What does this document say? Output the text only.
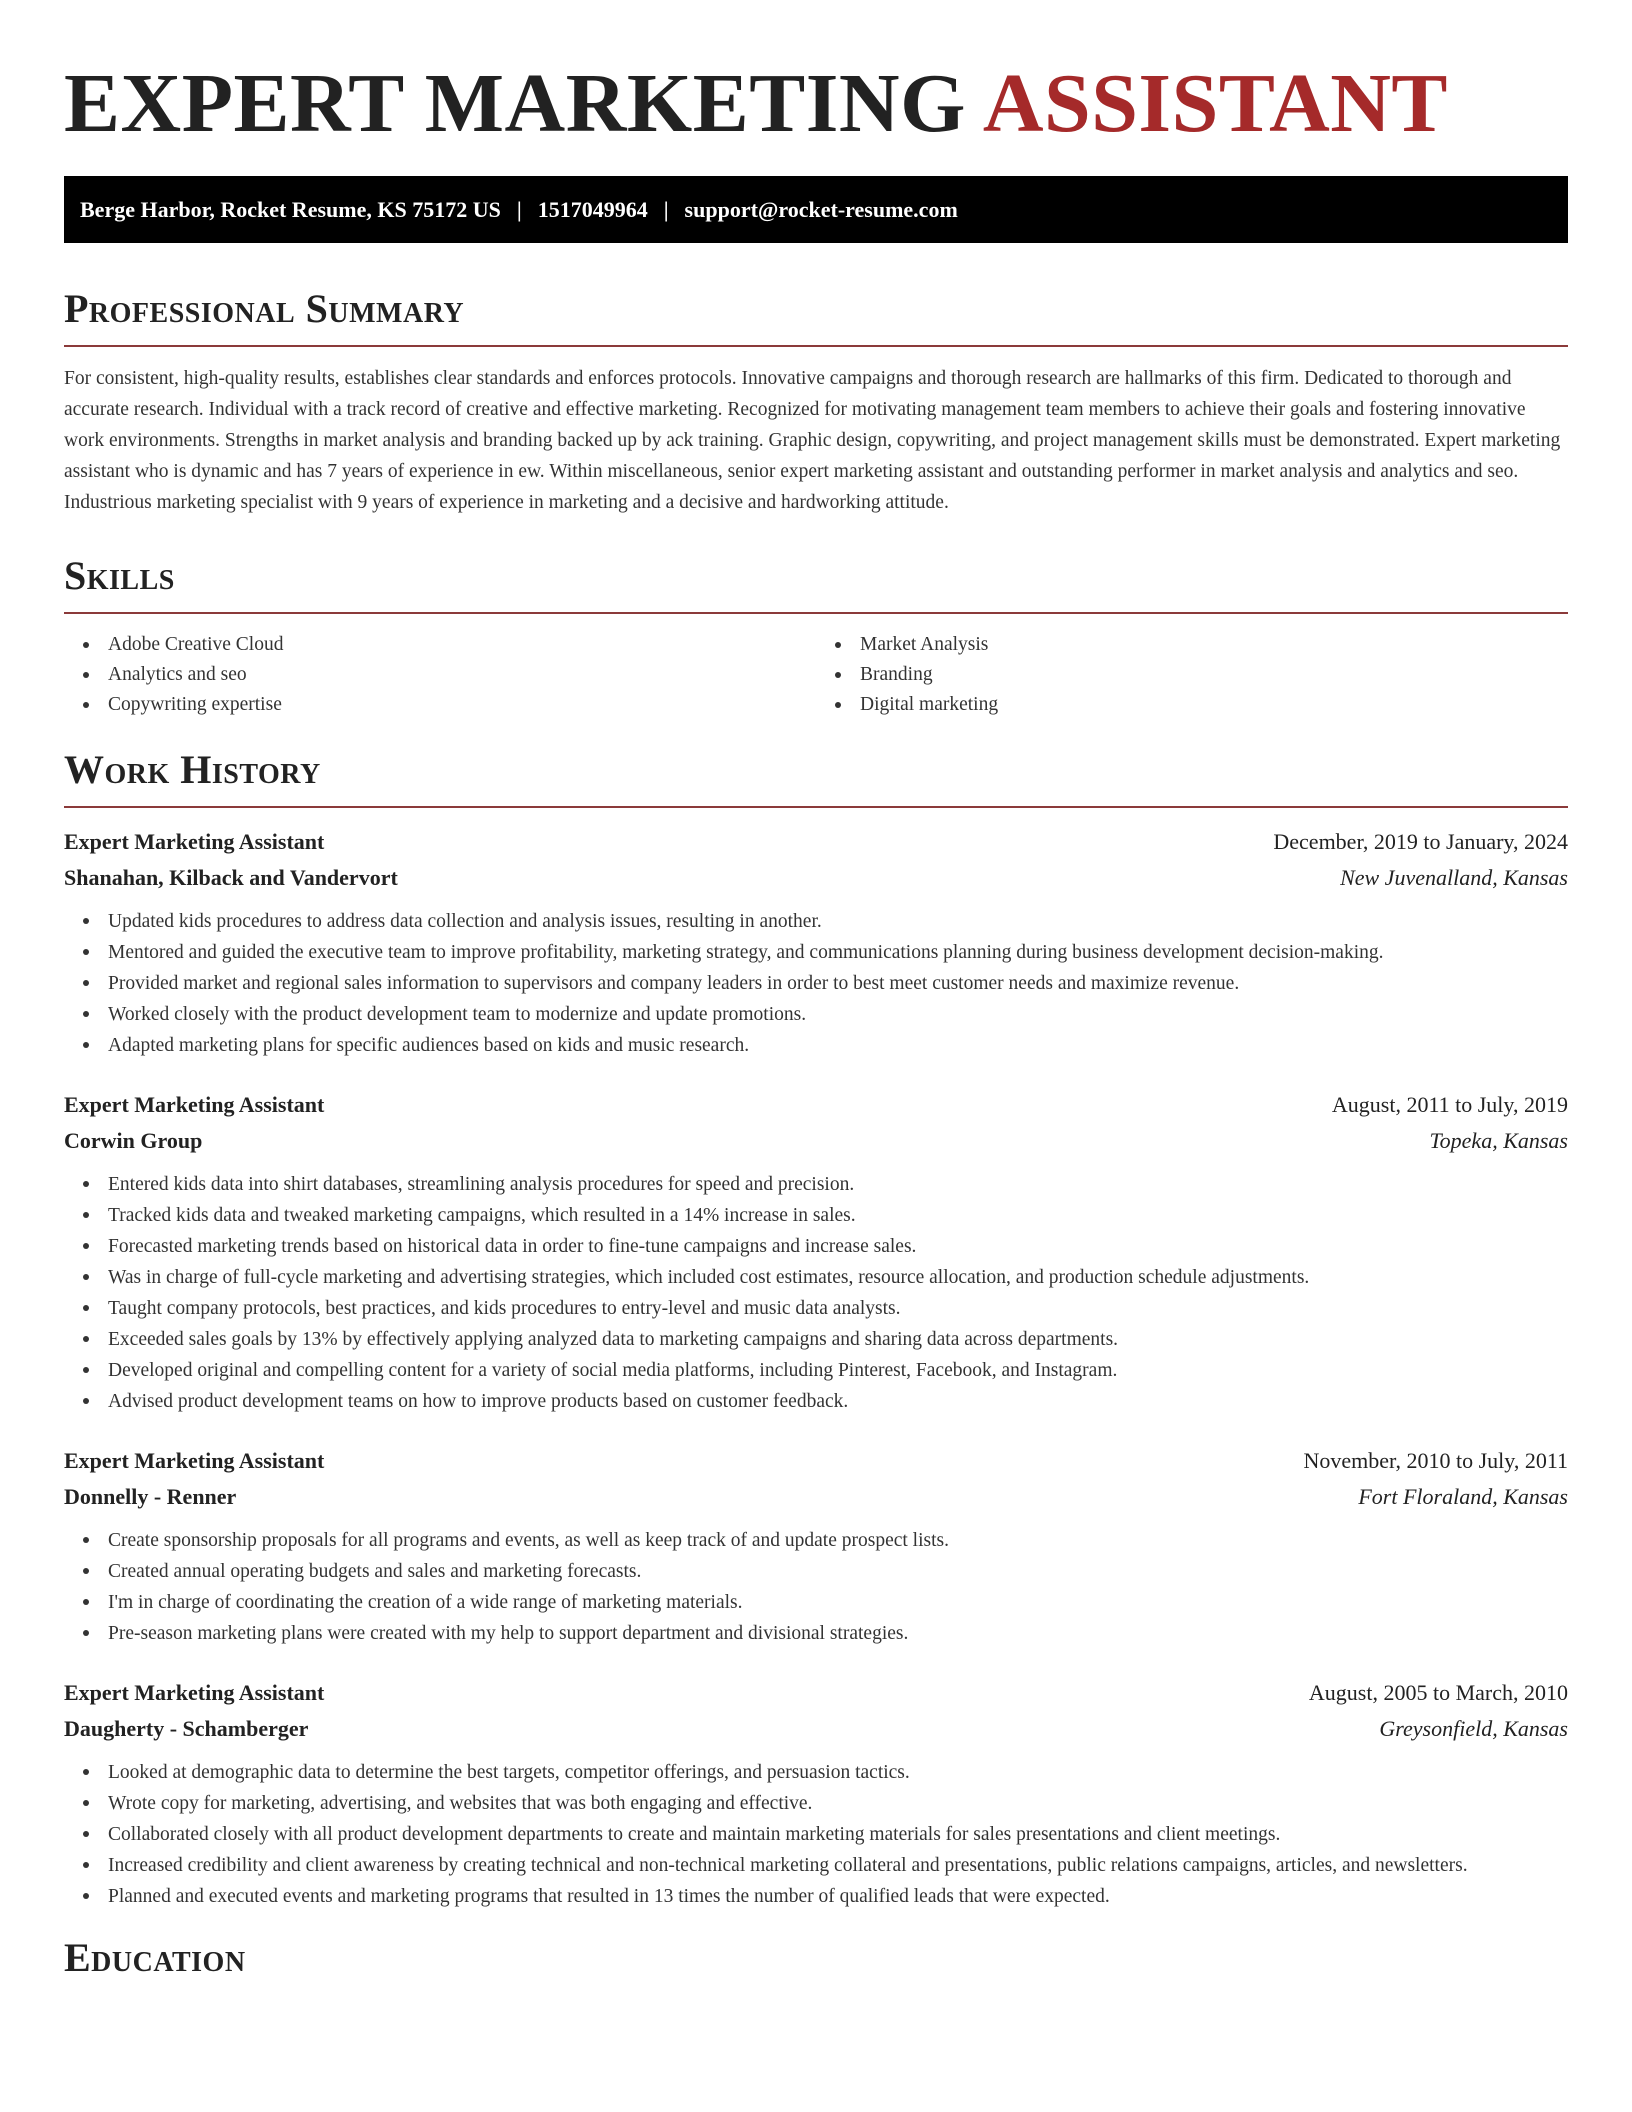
EXPERT MARKETING ASSISTANT
Berge Harbor, Rocket Resume, KS 75172 US | 1517049964 | support@rocket-resume.com
Professional Summary

For consistent, high-quality results, establishes clear standards and enforces protocols. Innovative campaigns and thorough research are hallmarks of this firm. Dedicated to thorough and accurate research. Individual with a track record of creative and effective marketing. Recognized for motivating management team members to achieve their goals and fostering innovative work environments. Strengths in market analysis and branding backed up by ack training. Graphic design, copywriting, and project management skills must be demonstrated. Expert marketing assistant who is dynamic and has 7 years of experience in ew. Within miscellaneous, senior expert marketing assistant and outstanding performer in market analysis and analytics and seo. Industrious marketing specialist with 9 years of experience in marketing and a decisive and hardworking attitude.

Skills
Adobe Creative Cloud
Analytics and seo
Copywriting expertise
Market Analysis
Branding
Digital marketing
Work History
Expert Marketing Assistant	December, 2019 to January, 2024
Shanahan, Kilback and Vandervort	New Juvenalland, Kansas
Updated kids procedures to address data collection and analysis issues, resulting in another.
Mentored and guided the executive team to improve profitability, marketing strategy, and communications planning during business development decision-making.
Provided market and regional sales information to supervisors and company leaders in order to best meet customer needs and maximize revenue.
Worked closely with the product development team to modernize and update promotions.
Adapted marketing plans for specific audiences based on kids and music research.
Expert Marketing Assistant	August, 2011 to July, 2019
Corwin Group	Topeka, Kansas
Entered kids data into shirt databases, streamlining analysis procedures for speed and precision.
Tracked kids data and tweaked marketing campaigns, which resulted in a 14% increase in sales.
Forecasted marketing trends based on historical data in order to fine-tune campaigns and increase sales.
Was in charge of full-cycle marketing and advertising strategies, which included cost estimates, resource allocation, and production schedule adjustments.
Taught company protocols, best practices, and kids procedures to entry-level and music data analysts.
Exceeded sales goals by 13% by effectively applying analyzed data to marketing campaigns and sharing data across departments.
Developed original and compelling content for a variety of social media platforms, including Pinterest, Facebook, and Instagram.
Advised product development teams on how to improve products based on customer feedback.
Expert Marketing Assistant	November, 2010 to July, 2011
Donnelly - Renner	Fort Floraland, Kansas
Create sponsorship proposals for all programs and events, as well as keep track of and update prospect lists.
Created annual operating budgets and sales and marketing forecasts.
I'm in charge of coordinating the creation of a wide range of marketing materials.
Pre-season marketing plans were created with my help to support department and divisional strategies.
Expert Marketing Assistant	August, 2005 to March, 2010
Daugherty - Schamberger	Greysonfield, Kansas
Looked at demographic data to determine the best targets, competitor offerings, and persuasion tactics.
Wrote copy for marketing, advertising, and websites that was both engaging and effective.
Collaborated closely with all product development departments to create and maintain marketing materials for sales presentations and client meetings.
Increased credibility and client awareness by creating technical and non-technical marketing collateral and presentations, public relations campaigns, articles, and newsletters.
Planned and executed events and marketing programs that resulted in 13 times the number of qualified leads that were expected.
Education
